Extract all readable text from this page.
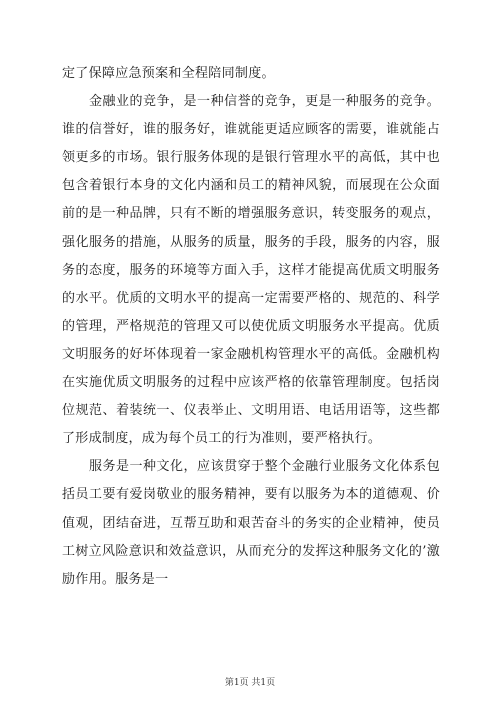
定了保障应急预案和全程陪同制度。

金融业的竞争，是一种信誉的竞争，更是一种服务的竞争。谁的信誉好，谁的服务好，谁就能更适应顾客的需要，谁就能占领更多的市场。银行服务体现的是银行管理水平的高低，其中也包含着银行本身的文化内涵和员工的精神风貌，而展现在公众面前的是一种品牌，只有不断的增强服务意识，转变服务的观点，强化服务的措施，从服务的质量，服务的手段，服务的内容，服务的态度，服务的环境等方面入手，这样才能提高优质文明服务的水平。优质的文明水平的提高一定需要严格的、规范的、科学的管理，严格规范的管理又可以使优质文明服务水平提高。优质文明服务的好坏体现着一家金融机构管理水平的高低。金融机构在实施优质文明服务的过程中应该严格的依靠管理制度。包括岗位规范、着装统一、仪表举止、文明用语、电话用语等，这些都了形成制度，成为每个员工的行为准则，要严格执行。

服务是一种文化，应该贯穿于整个金融行业服务文化体系包括员工要有爱岗敬业的服务精神，要有以服务为本的道德观、价值观，团结奋进，互帮互助和艰苦奋斗的务实的企业精神，使员工树立风险意识和效益意识，从而充分的发挥这种服务文化的’激励作用。服务是一

第1页 共1页
